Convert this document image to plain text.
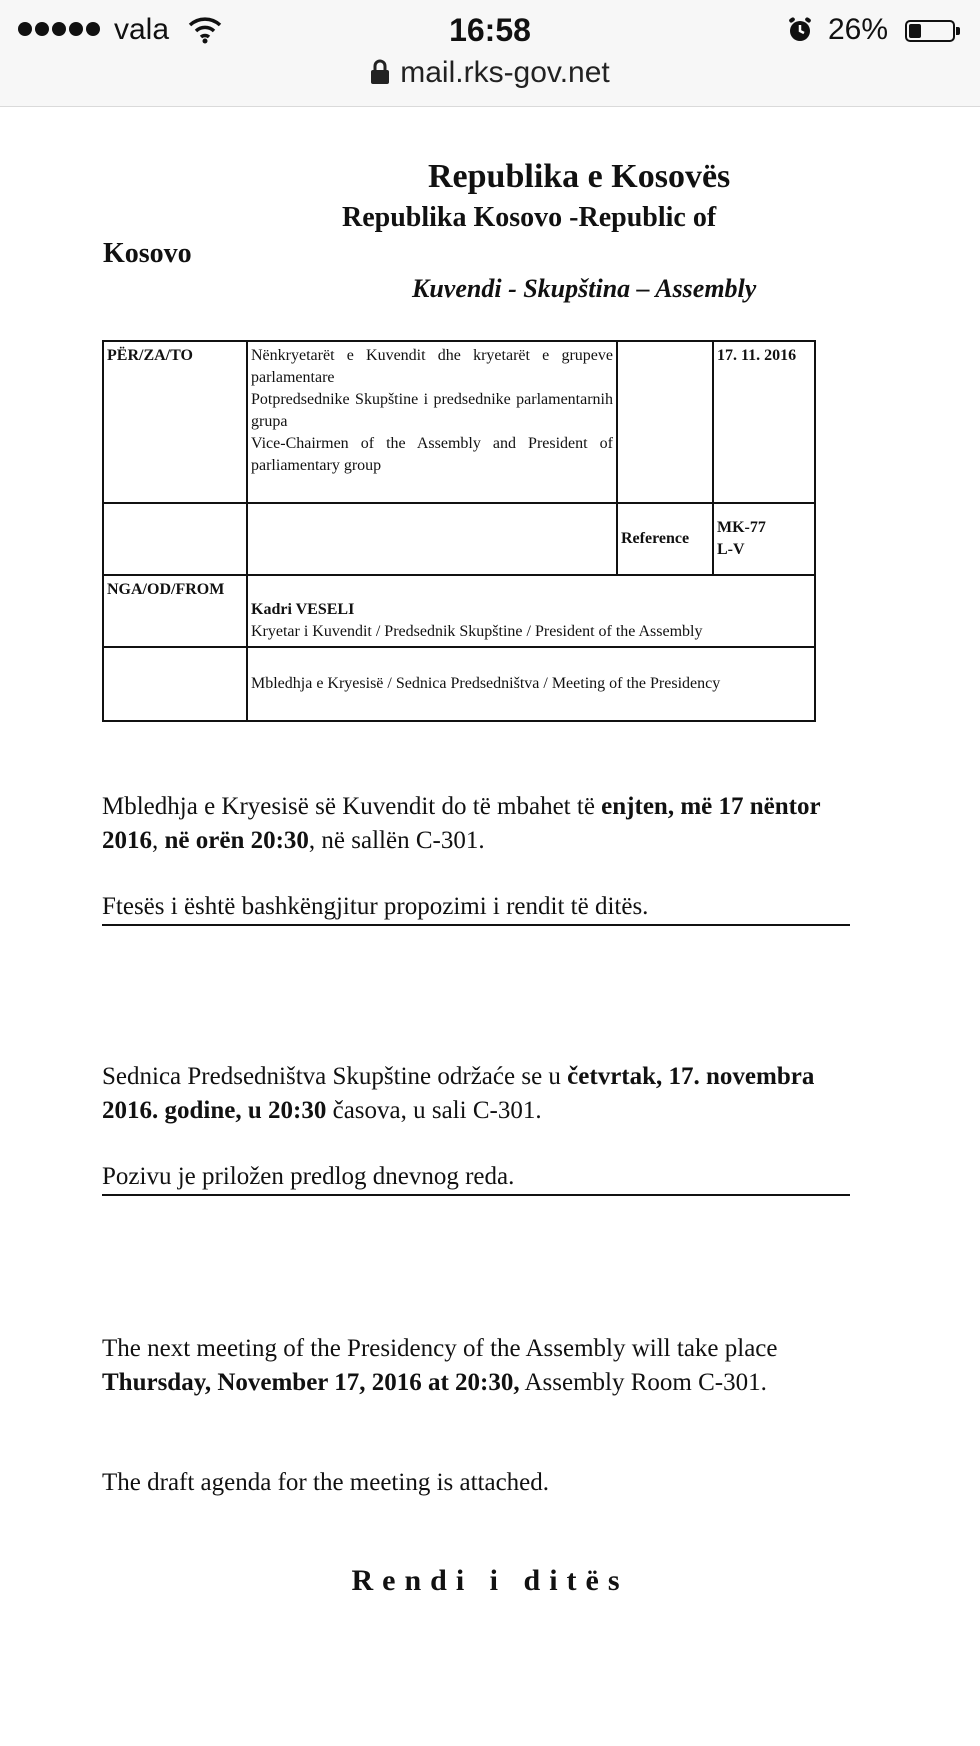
vala	16:58	26%
mail.rks-gov.net
Republika e Kosovës
Republika Kosovo -Republic of
Kosovo
Kuvendi - Skupština – Assembly
PËR/ZA/TO	Nënkryetarët e Kuvendit dhe kryetarët e grupeve parlamentare
Potpredsednike Skupštine i predsednike parlamentarnih grupa
Vice-Chairmen of the Assembly and President of parliamentary group		17. 11. 2016
		Reference	MK-77
L-V

NGA/OD/FROM	Kadri VESELI
Kryetar i Kuvendit / Predsednik Skupštine / President of the Assembly		

	Mbledhja e Kryesisë / Sednica Predsedništva / Meeting of the Presidency		
Mbledhja e Kryesisë së Kuvendit do të mbahet të enjten, më 17 nëntor 2016, në orën 20:30, në sallën C-301.
Ftesës i është bashkëngjitur propozimi i rendit të ditës.
Sednica Predsedništva Skupštine održaće se u četvrtak, 17. novembra 2016. godine, u 20:30 časova, u sali C-301.
Pozivu je priložen predlog dnevnog reda.
The next meeting of the Presidency of the Assembly will take place Thursday, November 17, 2016 at 20:30, Assembly Room C-301.
The draft agenda for the meeting is attached.
Rendi i ditës
